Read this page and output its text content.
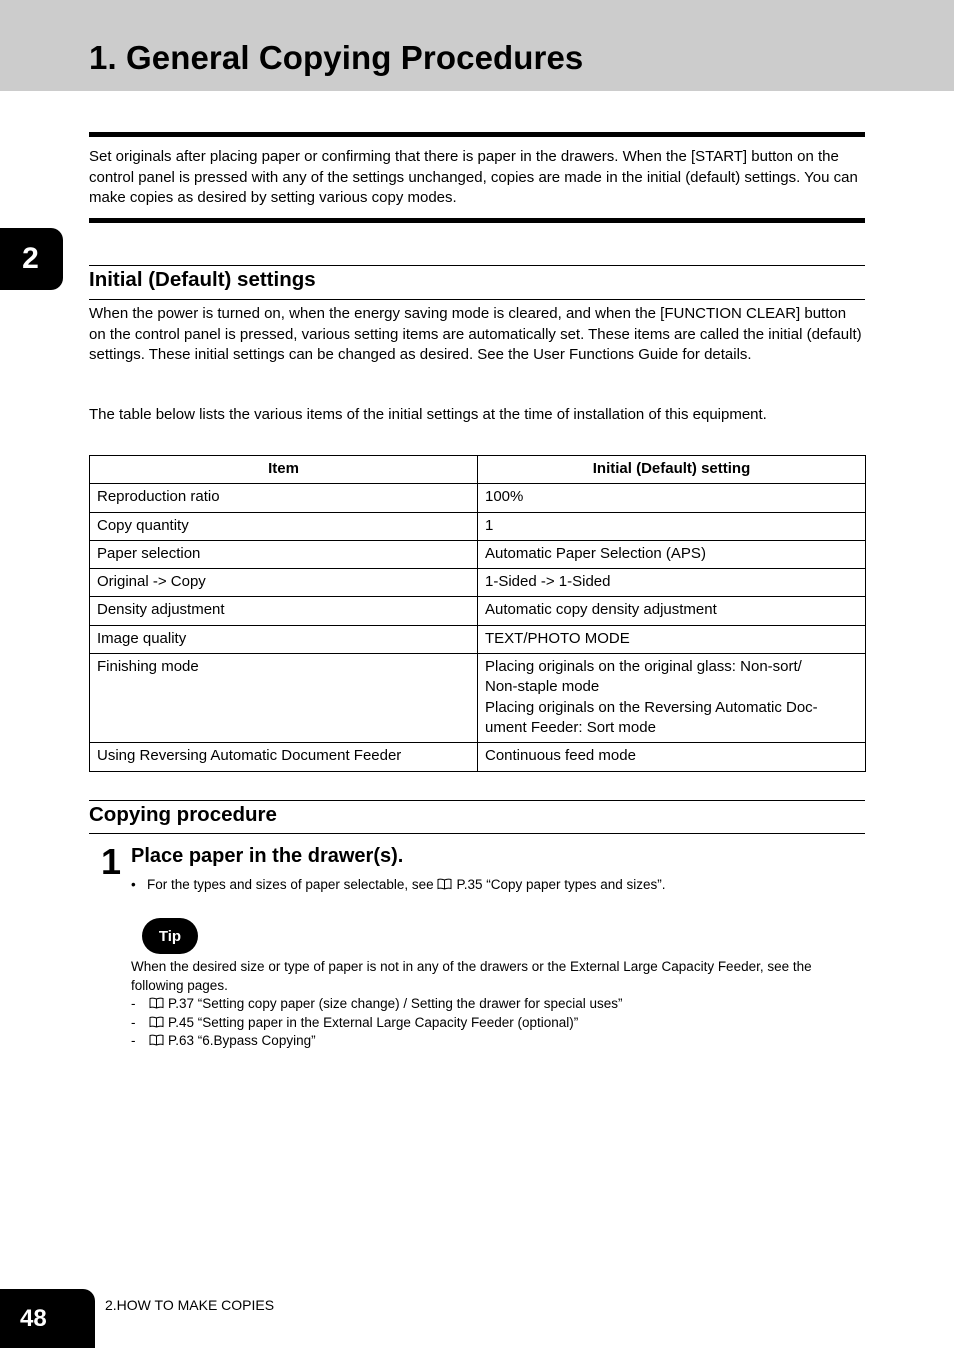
1. General Copying Procedures

Set originals after placing paper or confirming that there is paper in the drawers. When the [START] button on the control panel is pressed with any of the settings unchanged, copies are made in the initial (default) settings. You can make copies as desired by setting various copy modes.

2
Initial (Default) settings

When the power is turned on, when the energy saving mode is cleared, and when the [FUNCTION CLEAR] button on the control panel is pressed, various setting items are automatically set. These items are called the initial (default) settings. These initial settings can be changed as desired. See the User Functions Guide for details.

The table below lists the various items of the initial settings at the time of installation of this equipment.

Item	Initial (Default) setting
Reproduction ratio	100%
Copy quantity	1
Paper selection	Automatic Paper Selection (APS)
Original -> Copy	1-Sided -> 1-Sided
Density adjustment	Automatic copy density adjustment
Image quality	TEXT/PHOTO MODE
Finishing mode	Placing originals on the original glass: Non-sort/
Non-staple mode
Placing originals on the Reversing Automatic Doc-
ument Feeder: Sort mode

Using Reversing Automatic Document Feeder	Continuous feed mode
Copying procedure
1 Place paper in the drawer(s).

• For the types and sizes of paper selectable, see P.35 “Copy paper types and sizes”.

Tip

When the desired size or type of paper is not in any of the drawers or the External Large Capacity Feeder, see the following pages.

- P.37 “Setting copy paper (size change) / Setting the drawer for special uses”

- P.45 “Setting paper in the External Large Capacity Feeder (optional)”

- P.63 “6.Bypass Copying”

48	2.HOW TO MAKE COPIES
